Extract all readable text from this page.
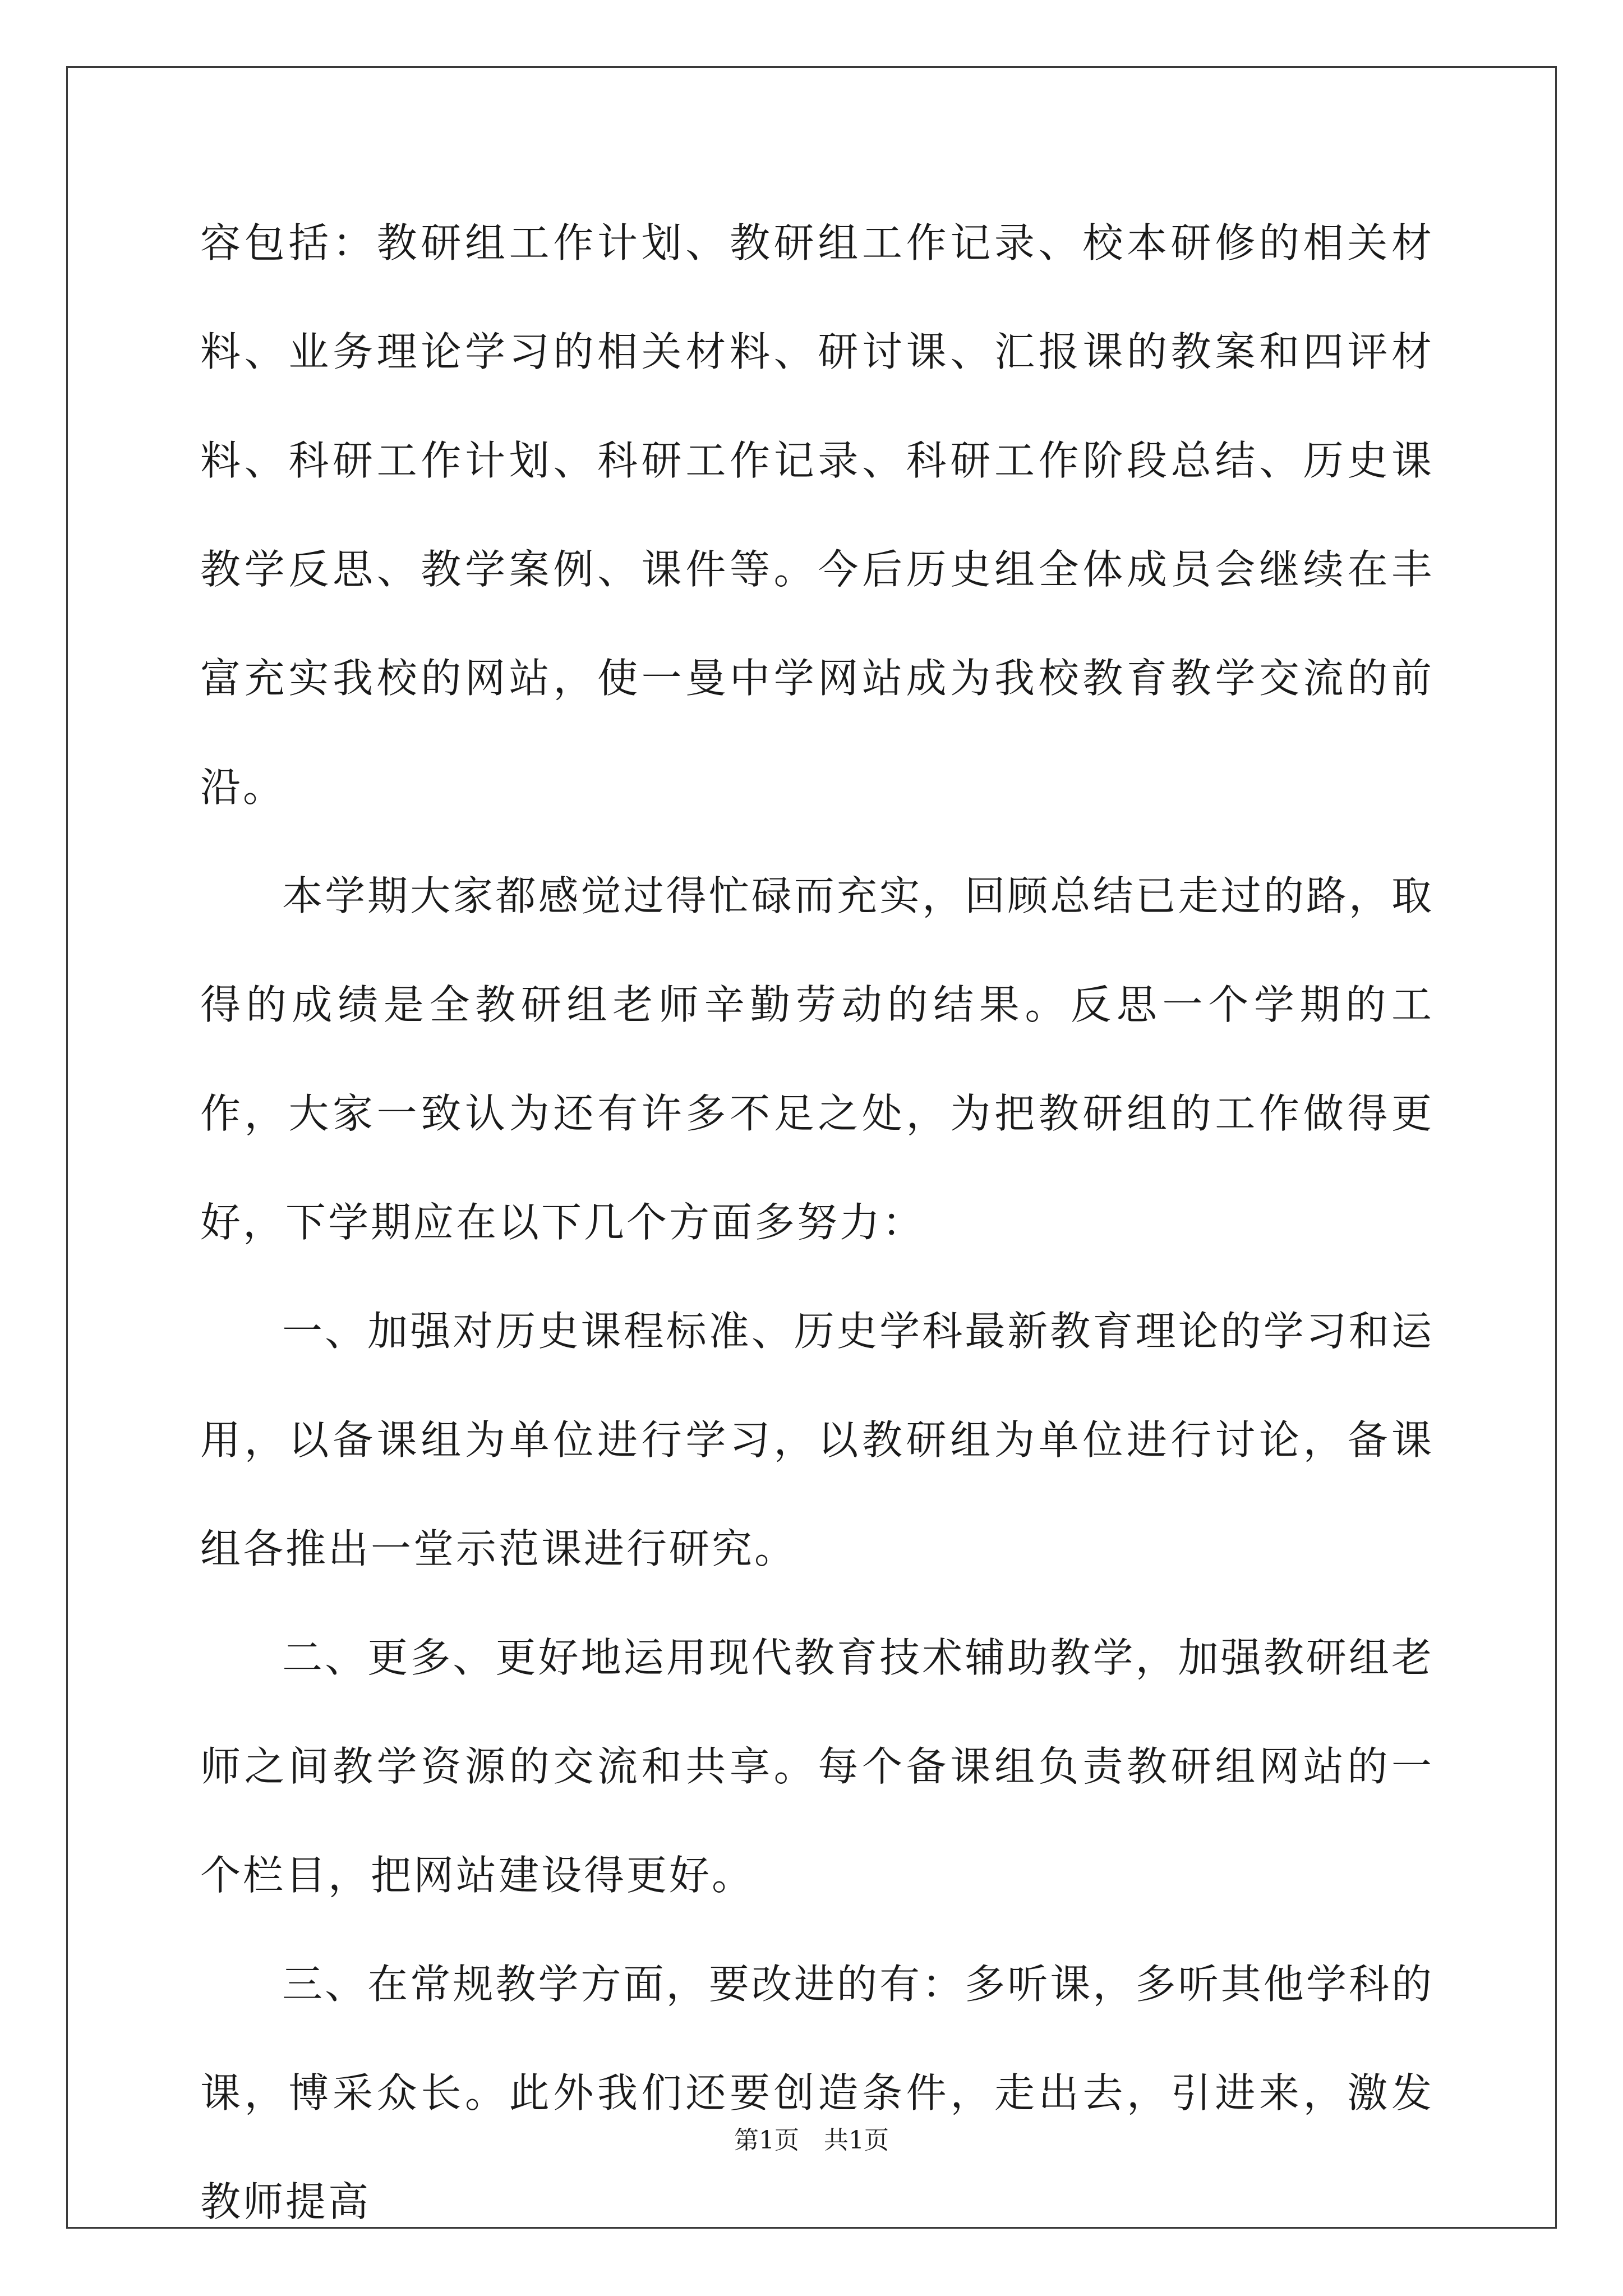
容包括：教研组工作计划、教研组工作记录、校本研修的相关材料、业务理论学习的相关材料、研讨课、汇报课的教案和四评材料、科研工作计划、科研工作记录、科研工作阶段总结、历史课教学反思、教学案例、课件等。今后历史组全体成员会继续在丰富充实我校的网站，使一曼中学网站成为我校教育教学交流的前沿。

本学期大家都感觉过得忙碌而充实，回顾总结已走过的路，取得的成绩是全教研组老师辛勤劳动的结果。反思一个学期的工作，大家一致认为还有许多不足之处，为把教研组的工作做得更好，下学期应在以下几个方面多努力：

一、加强对历史课程标准、历史学科最新教育理论的学习和运用，以备课组为单位进行学习，以教研组为单位进行讨论，备课组各推出一堂示范课进行研究。

二、更多、更好地运用现代教育技术辅助教学，加强教研组老师之间教学资源的交流和共享。每个备课组负责教研组网站的一个栏目，把网站建设得更好。

三、在常规教学方面，要改进的有：多听课，多听其他学科的课，博采众长。此外我们还要创造条件，走出去，引进来，激发教师提高

第1页 共1页
